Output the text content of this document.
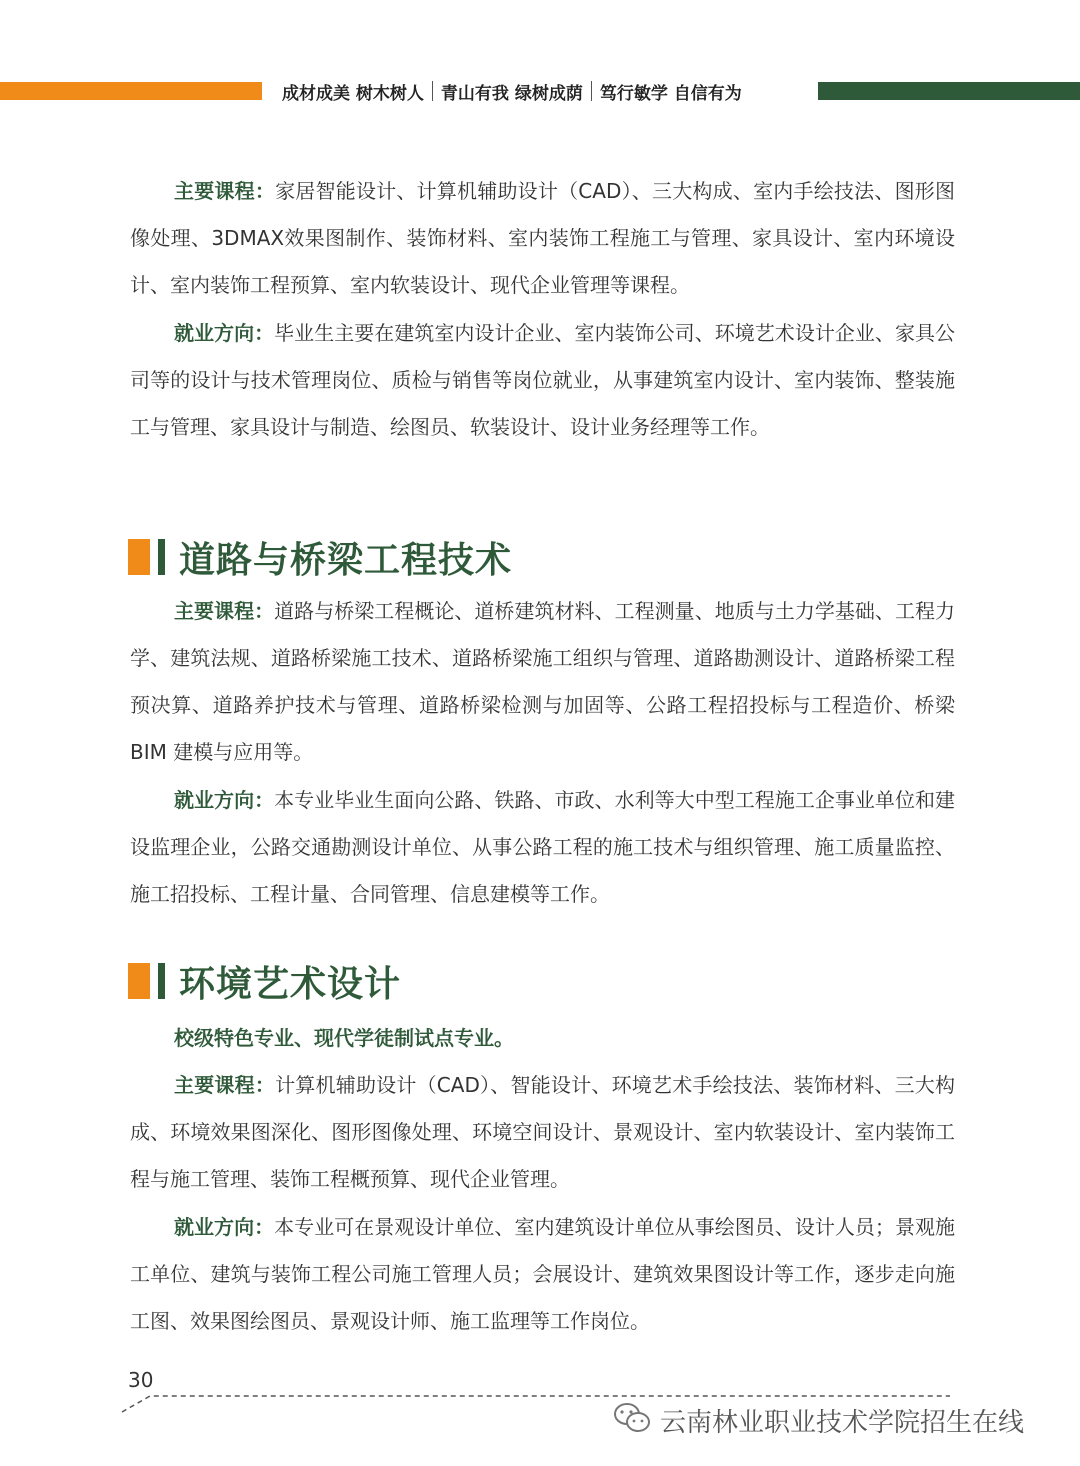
成材成美 树木树人 青山有我 绿树成荫 笃行敏学 自信有为
主要课程：家居智能设计、计算机辅助设计（CAD）、三大构成、室内手绘技法、图形图像处理、3DMAX效果图制作、装饰材料、室内装饰工程施工与管理、家具设计、室内环境设计、室内装饰工程预算、室内软装设计、现代企业管理等课程。
就业方向：毕业生主要在建筑室内设计企业、室内装饰公司、环境艺术设计企业、家具公司等的设计与技术管理岗位、质检与销售等岗位就业，从事建筑室内设计、室内装饰、整装施工与管理、家具设计与制造、绘图员、软装设计、设计业务经理等工作。
道路与桥梁工程技术
主要课程：道路与桥梁工程概论、道桥建筑材料、工程测量、地质与土力学基础、工程力学、建筑法规、道路桥梁施工技术、道路桥梁施工组织与管理、道路勘测设计、道路桥梁工程预决算、道路养护技术与管理、道路桥梁检测与加固等、公路工程招投标与工程造价、桥梁 BIM 建模与应用等。
就业方向：本专业毕业生面向公路、铁路、市政、水利等大中型工程施工企事业单位和建设监理企业，公路交通勘测设计单位、从事公路工程的施工技术与组织管理、施工质量监控、施工招投标、工程计量、合同管理、信息建模等工作。
环境艺术设计
校级特色专业、现代学徒制试点专业。
主要课程：计算机辅助设计（CAD）、智能设计、环境艺术手绘技法、装饰材料、三大构成、环境效果图深化、图形图像处理、环境空间设计、景观设计、室内软装设计、室内装饰工程与施工管理、装饰工程概预算、现代企业管理。
就业方向：本专业可在景观设计单位、室内建筑设计单位从事绘图员、设计人员；景观施工单位、建筑与装饰工程公司施工管理人员；会展设计、建筑效果图设计等工作，逐步走向施工图、效果图绘图员、景观设计师、施工监理等工作岗位。
30
云南林业职业技术学院招生在线
